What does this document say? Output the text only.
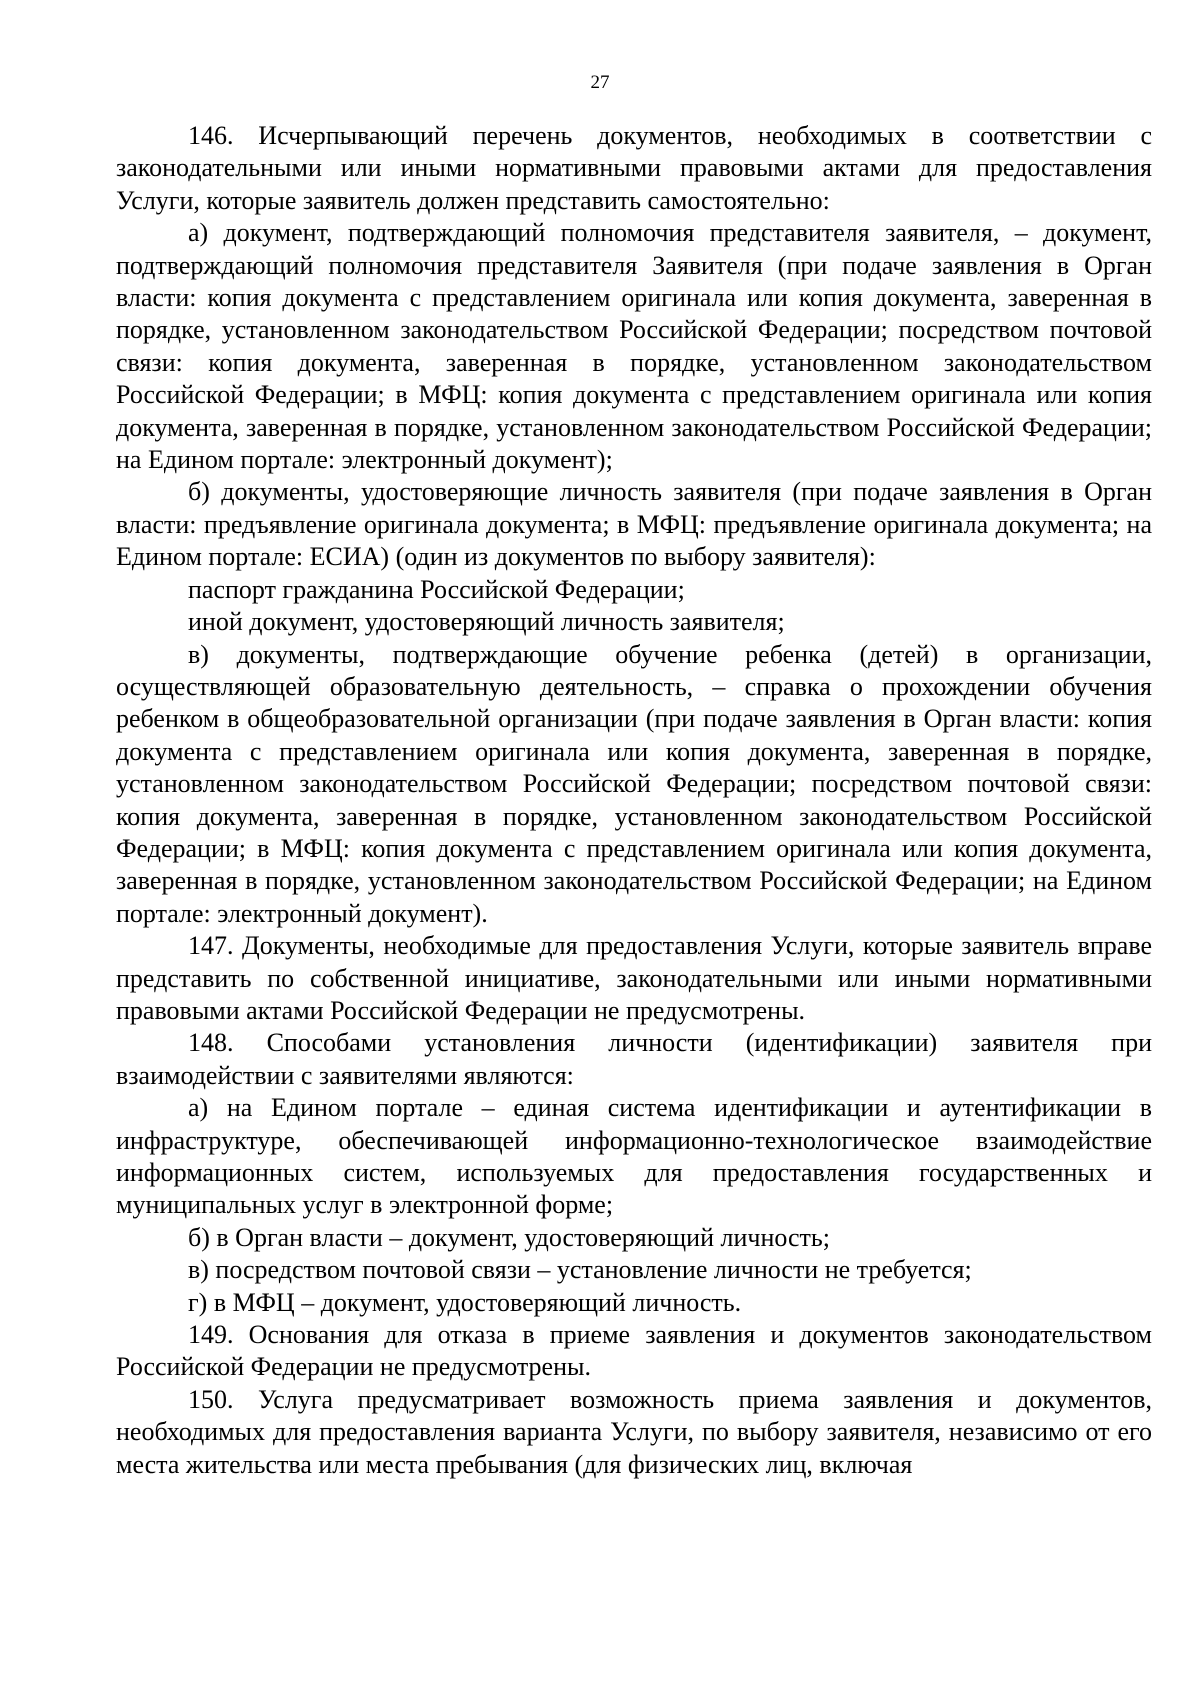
27

146. Исчерпывающий перечень документов, необходимых в соответствии с законодательными или иными нормативными правовыми актами для предоставления Услуги, которые заявитель должен представить самостоятельно:

а) документ, подтверждающий полномочия представителя заявителя, – документ, подтверждающий полномочия представителя Заявителя (при подаче заявления в Орган власти: копия документа с представлением оригинала или копия документа, заверенная в порядке, установленном законодательством Российской Федерации; посредством почтовой связи: копия документа, заверенная в порядке, установленном законодательством Российской Федерации; в МФЦ: копия документа с представлением оригинала или копия документа, заверенная в порядке, установленном законодательством Российской Федерации; на Едином портале: электронный документ);

б) документы, удостоверяющие личность заявителя (при подаче заявления в Орган власти: предъявление оригинала документа; в МФЦ: предъявление оригинала документа; на Едином портале: ЕСИА) (один из документов по выбору заявителя):

паспорт гражданина Российской Федерации;

иной документ, удостоверяющий личность заявителя;

в) документы, подтверждающие обучение ребенка (детей) в организации, осуществляющей образовательную деятельность, – справка о прохождении обучения ребенком в общеобразовательной организации (при подаче заявления в Орган власти: копия документа с представлением оригинала или копия документа, заверенная в порядке, установленном законодательством Российской Федерации; посредством почтовой связи: копия документа, заверенная в порядке, установленном законодательством Российской Федерации; в МФЦ: копия документа с представлением оригинала или копия документа, заверенная в порядке, установленном законодательством Российской Федерации; на Едином портале: электронный документ).

147. Документы, необходимые для предоставления Услуги, которые заявитель вправе представить по собственной инициативе, законодательными или иными нормативными правовыми актами Российской Федерации не предусмотрены.

148. Способами установления личности (идентификации) заявителя при взаимодействии с заявителями являются:

а) на Едином портале – единая система идентификации и аутентификации в инфраструктуре, обеспечивающей информационно-технологическое взаимодействие информационных систем, используемых для предоставления государственных и муниципальных услуг в электронной форме;

б) в Орган власти – документ, удостоверяющий личность;

в) посредством почтовой связи – установление личности не требуется;

г) в МФЦ – документ, удостоверяющий личность.

149. Основания для отказа в приеме заявления и документов законодательством Российской Федерации не предусмотрены.

150. Услуга предусматривает возможность приема заявления и документов, необходимых для предоставления варианта Услуги, по выбору заявителя, независимо от его места жительства или места пребывания (для физических лиц, включая
